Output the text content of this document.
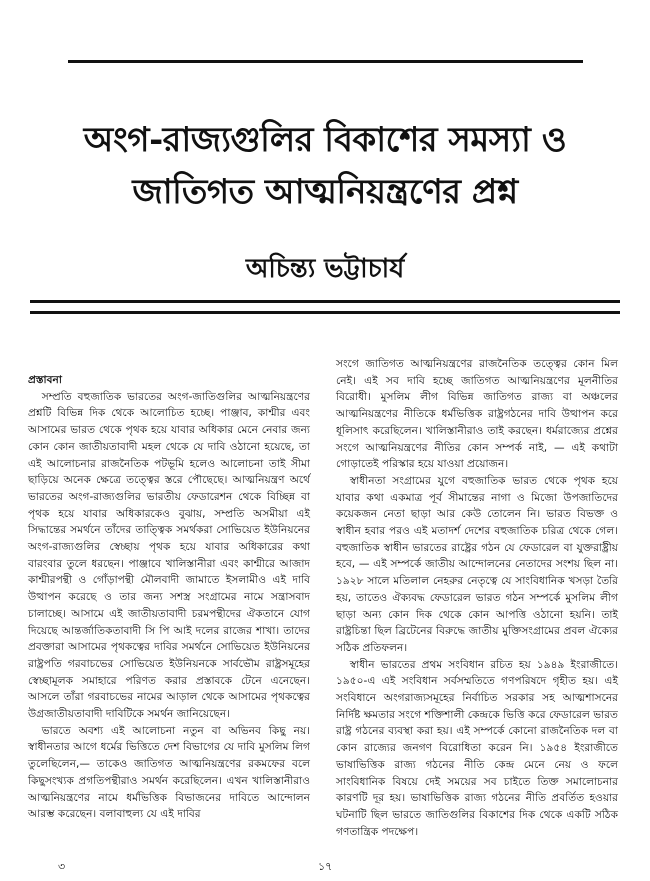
অংগ-রাজ্যগুলির বিকাশের সমস্যা ও
জাতিগত আত্মনিয়ন্ত্রণের প্রশ্ন
অচিন্ত্য ভট্টাচার্য

প্রস্তাবনা

সম্প্রতি বহুজাতিক ভারতের অংগ-জাতিগুলির আত্মনিয়ন্ত্রণের প্রশ্নটি বিভিন্ন দিক থেকে আলোচিত হচ্ছে। পাঞ্জাব, কাশ্মীর এবং আসামের ভারত থেকে পৃথক হয়ে যাবার অধিকার মেনে নেবার জন্য কোন কোন জাতীয়তাবাদী মহল থেকে যে দাবি ওঠানো হয়েছে, তা এই আলোচনার রাজনৈতিক পটভূমি হলেও আলোচনা তাই সীমা ছাড়িয়ে অনেক ক্ষেত্রে তত্ত্বের স্তরে পৌছেছে। আত্মনিয়ন্ত্রণ অর্থে ভারতের অংগ-রাজ্যগুলির ভারতীয় ফেডারেশন থেকে বিচ্ছিন্ন বা পৃথক হয়ে যাবার অধিকারকেও বুঝায়, সম্প্রতি অসমীয়া এই সিদ্ধান্তের সমর্থনে তাঁদের তাত্ত্বিক সমর্থকরা সোভিয়েত ইউনিয়নের অংগ-রাজ্যগুলির স্বেচ্ছায় পৃথক হয়ে যাবার অধিকারের কথা বারংবার তুলে ধরছেন। পাঞ্জাবে খালিস্তানীরা এবং কাশ্মীরে আজাদ কাশ্মীরপন্থী ও গোঁড়াপন্থী মৌলবাদী জামাতে ইসলামীও এই দাবি উত্থাপন করেছে ও তার জন্য সশস্ত্র সংগ্রামের নামে সন্ত্রাসবাদ চালাচ্ছে। আসামে এই জাতীয়তাবাদী চরমপন্থীদের ঐকতানে যোগ দিয়েছে আন্তর্জাতিকতাবাদী সি পি আই দলের রাজের শাখা। তাদের প্রবক্তারা আসামের পৃথকত্বের দাবির সমর্থনে সোভিয়েত ইউনিয়নের রাষ্ট্রপতি গরবাচভের সোভিয়েত ইউনিয়নকে সার্বভৌম রাষ্ট্রসমূহের স্বেচ্ছামূলক সমাহারে পরিণত করার প্রস্তাবকে টেনে এনেছেন। আসলে তাঁরা গরবাচভের নামের আড়াল থেকে আসামের পৃথকত্বের উগ্রজাতীয়তাবাদী দাবিটিকে সমর্থন জানিয়েছেন।

ভারতে অবশ্য এই আলোচনা নতুন বা অভিনব কিছু নয়। স্বাধীনতার আগে ধর্মের ভিত্তিতে দেশ বিভাগের যে দাবি মুসলিম লিগ তুলেছিলেন,— তাকেও জাতিগত আত্মনিয়ন্ত্রণের রকমফের বলে কিছুসংখ্যক প্রগতিপন্থীরাও সমর্থন করেছিলেন। এখন খালিস্তানীরাও আত্মনিয়ন্ত্রণের নামে ধর্মভিত্তিক বিভাজনের দাবিতে আন্দোলন আরম্ভ করেছেন। বলাবাহুল্য যে এই দাবির

সংগে জাতিগত আত্মনিয়ন্ত্রণের রাজনৈতিক তত্ত্বের কোন মিল নেই। এই সব দাবি হচ্ছে জাতিগত আত্মনিয়ন্ত্রণের মূলনীতির বিরোধী। মুসলিম লীগ বিভিন্ন জাতিগত রাজ্য বা অঞ্চলের আত্মনিয়ন্ত্রণের নীতিকে ধর্মভিত্তিক রাষ্ট্রগঠনের দাবি উত্থাপন করে ধূলিসাৎ করেছিলেন। খালিস্তানীরাও তাই করছেন। ধর্মরাজ্যের প্রশ্নের সংগে আত্মনিয়ন্ত্রণের নীতির কোন সম্পর্ক নাই, — এই কথাটা গোড়াতেই পরিস্কার হয়ে যাওয়া প্রয়োজন।

স্বাধীনতা সংগ্রামের যুগে বহুজাতিক ভারত থেকে পৃথক হয়ে যাবার কথা একমাত্র পূর্ব সীমান্তের নাগা ও মিজো উপজাতিদের কয়েকজন নেতা ছাড়া আর কেউ তোলেন নি। ভারত বিভক্ত ও স্বাধীন হবার পরও এই মতাদর্শ দেশের বহুজাতিক চরিত্র থেকে গেল। বহুজাতিক স্বাধীন ভারতের রাষ্ট্রের গঠন যে ফেডারেল বা যুক্তরাষ্ট্রীয় হবে, — এই সম্পর্কে জাতীয় আন্দোলনের নেতাদের সংশয় ছিল না। ১৯২৮ সালে মতিলাল নেহরুর নেতৃত্বে যে সাংবিধানিক খসড়া তৈরি হয়, তাতেও ঐক্যবদ্ধ ফেডারেল ভারত গঠন সম্পর্কে মুসলিম লীগ ছাড়া অন্য কোন দিক থেকে কোন আপত্তি ওঠানো হয়নি। তাই রাষ্ট্রচিন্তা ছিল ব্রিটেনের বিরুদ্ধে জাতীয় মুক্তিসংগ্রামের প্রবল ঐক্যের সঠিক প্রতিফলন।

স্বাধীন ভারতের প্রথম সংবিধান রচিত হয় ১৯৪৯ ইংরাজীতে। ১৯৫০-এ এই সংবিধান সর্বসম্মতিতে গণপরিষদে গৃহীত হয়। এই সংবিধানে অংগরাজ্যসমূহের নির্বাচিত সরকার সহ আত্মশাসনের নির্দিষ্ট ক্ষমতার সংগে শক্তিশালী কেন্দ্রকে ভিত্তি করে ফেডারেল ভারত রাষ্ট্র গঠনের ব্যবস্থা করা হয়। এই সম্পর্কে কোনো রাজনৈতিক দল বা কোন রাজ্যের জনগণ বিরোধিতা করেন নি। ১৯৫৪ ইংরাজীতে ভাষাভিত্তিক রাজ্য গঠনের নীতি কেন্দ্র মেনে নেয় ও ফলে সাংবিধানিক বিষয়ে দেই সময়ের সব চাইতে তিক্ত সমালোচনার কারণটি দূর হয়। ভাষাভিত্তিক রাজ্য গঠনের নীতি প্রবর্তিত হওয়ার ঘটনাটি ছিল ভারতে জাতিগুলির বিকাশের দিক থেকে একটি সঠিক গণতান্ত্রিক পদক্ষেপ।

৩	১৭
